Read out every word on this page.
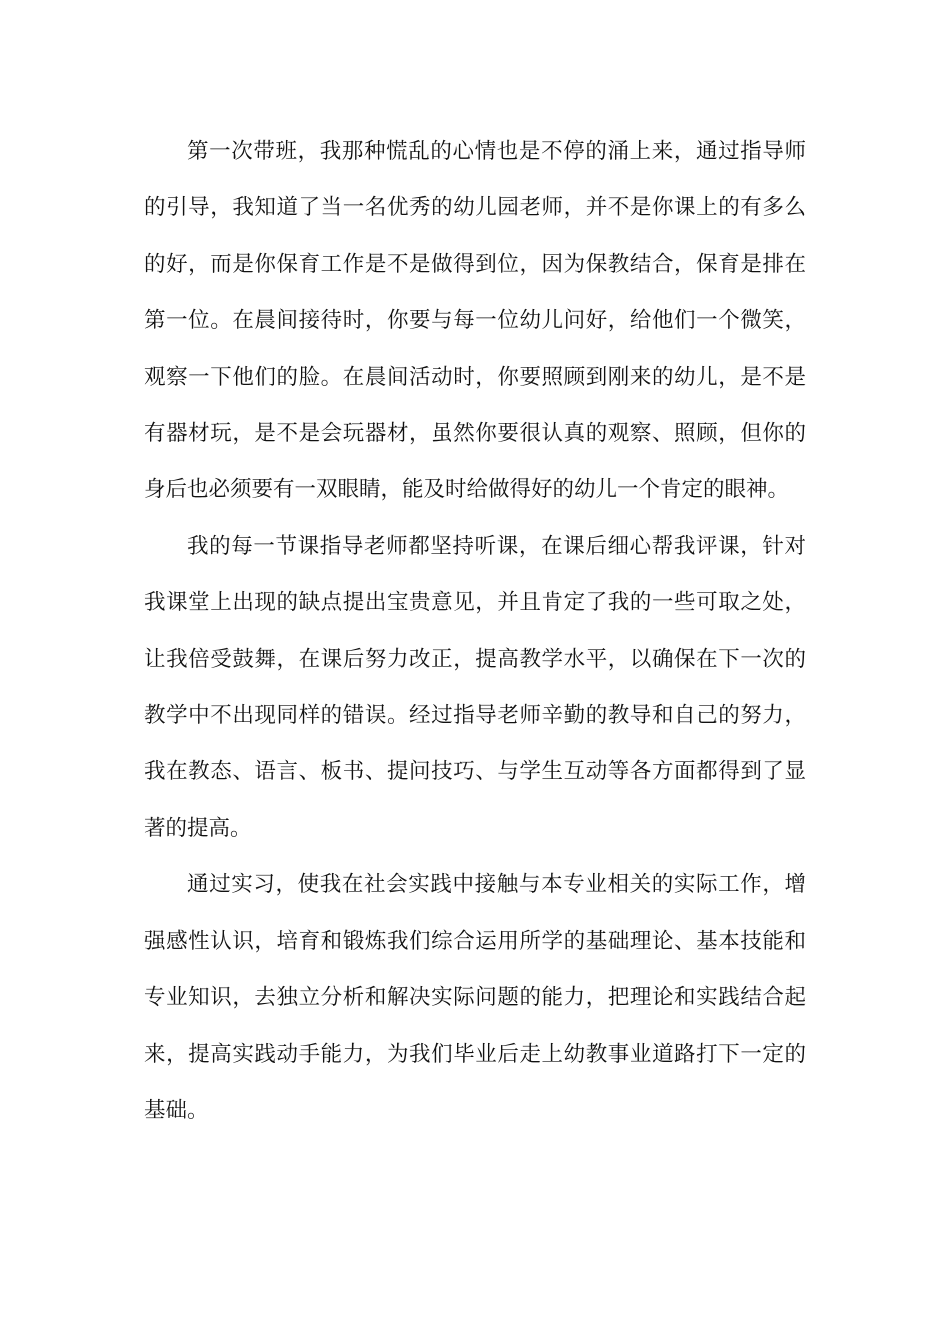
第一次带班，我那种慌乱的心情也是不停的涌上来，通过指导师的引导，我知道了当一名优秀的幼儿园老师，并不是你课上的有多么的好，而是你保育工作是不是做得到位，因为保教结合，保育是排在第一位。在晨间接待时，你要与每一位幼儿问好，给他们一个微笑，观察一下他们的脸。在晨间活动时，你要照顾到刚来的幼儿，是不是有器材玩，是不是会玩器材，虽然你要很认真的观察、照顾，但你的身后也必须要有一双眼睛，能及时给做得好的幼儿一个肯定的眼神。

我的每一节课指导老师都坚持听课，在课后细心帮我评课，针对我课堂上出现的缺点提出宝贵意见，并且肯定了我的一些可取之处，让我倍受鼓舞，在课后努力改正，提高教学水平，以确保在下一次的教学中不出现同样的错误。经过指导老师辛勤的教导和自己的努力，我在教态、语言、板书、提问技巧、与学生互动等各方面都得到了显著的提高。

通过实习，使我在社会实践中接触与本专业相关的实际工作，增强感性认识，培育和锻炼我们综合运用所学的基础理论、基本技能和专业知识，去独立分析和解决实际问题的能力，把理论和实践结合起来，提高实践动手能力，为我们毕业后走上幼教事业道路打下一定的基础。
